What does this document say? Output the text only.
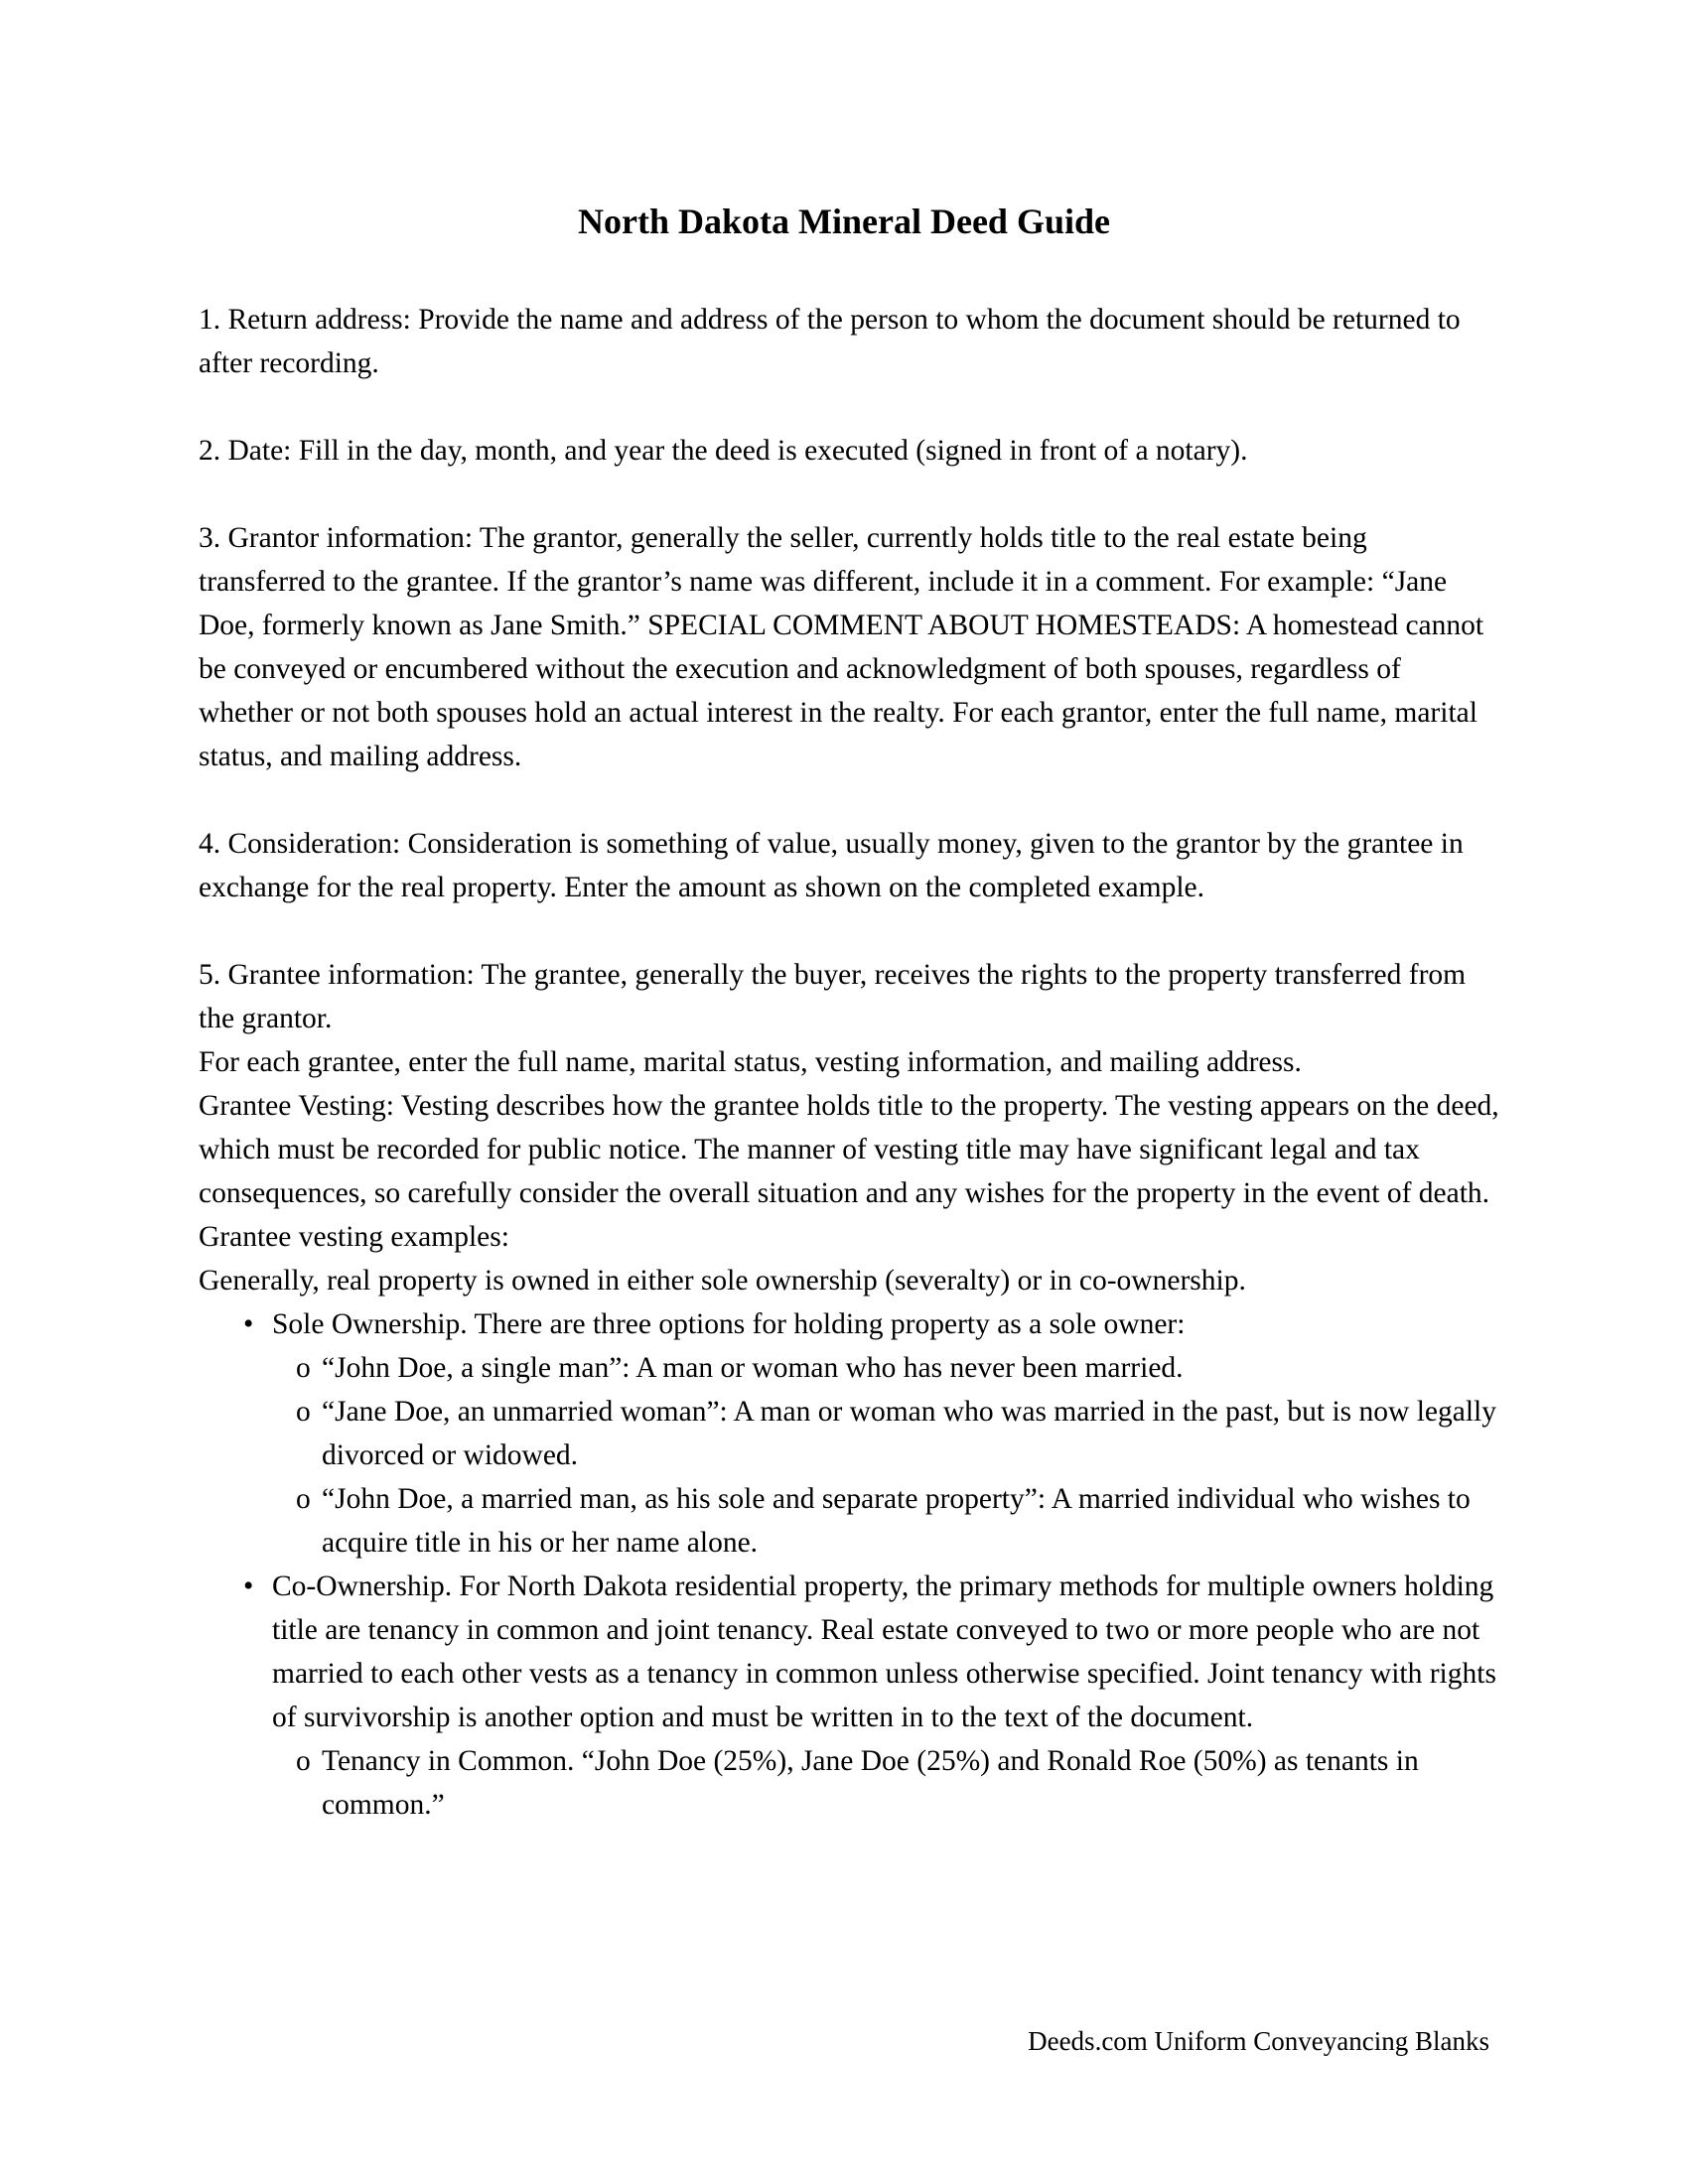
North Dakota Mineral Deed Guide

1. Return address: Provide the name and address of the person to whom the document should be returned to after recording.

2. Date: Fill in the day, month, and year the deed is executed (signed in front of a notary).

3. Grantor information: The grantor, generally the seller, currently holds title to the real estate being transferred to the grantee. If the grantor’s name was different, include it in a comment. For example: “Jane Doe, formerly known as Jane Smith.” SPECIAL COMMENT ABOUT HOMESTEADS: A homestead cannot be conveyed or encumbered without the execution and acknowledgment of both spouses, regardless of whether or not both spouses hold an actual interest in the realty. For each grantor, enter the full name, marital status, and mailing address.

4. Consideration: Consideration is something of value, usually money, given to the grantor by the grantee in exchange for the real property. Enter the amount as shown on the completed example.

5. Grantee information: The grantee, generally the buyer, receives the rights to the property transferred from the grantor.

For each grantee, enter the full name, marital status, vesting information, and mailing address.

Grantee Vesting: Vesting describes how the grantee holds title to the property. The vesting appears on the deed, which must be recorded for public notice. The manner of vesting title may have significant legal and tax consequences, so carefully consider the overall situation and any wishes for the property in the event of death.

Grantee vesting examples:

Generally, real property is owned in either sole ownership (severalty) or in co-ownership.

• Sole Ownership. There are three options for holding property as a sole owner:
o “John Doe, a single man”: A man or woman who has never been married.
o “Jane Doe, an unmarried woman”: A man or woman who was married in the past, but is now legally divorced or widowed.
o “John Doe, a married man, as his sole and separate property”: A married individual who wishes to acquire title in his or her name alone.
• Co-Ownership. For North Dakota residential property, the primary methods for multiple owners holding title are tenancy in common and joint tenancy. Real estate conveyed to two or more people who are not married to each other vests as a tenancy in common unless otherwise specified. Joint tenancy with rights of survivorship is another option and must be written in to the text of the document.
o Tenancy in Common. “John Doe (25%), Jane Doe (25%) and Ronald Roe (50%) as tenants in common.”
Deeds.com Uniform Conveyancing Blanks
